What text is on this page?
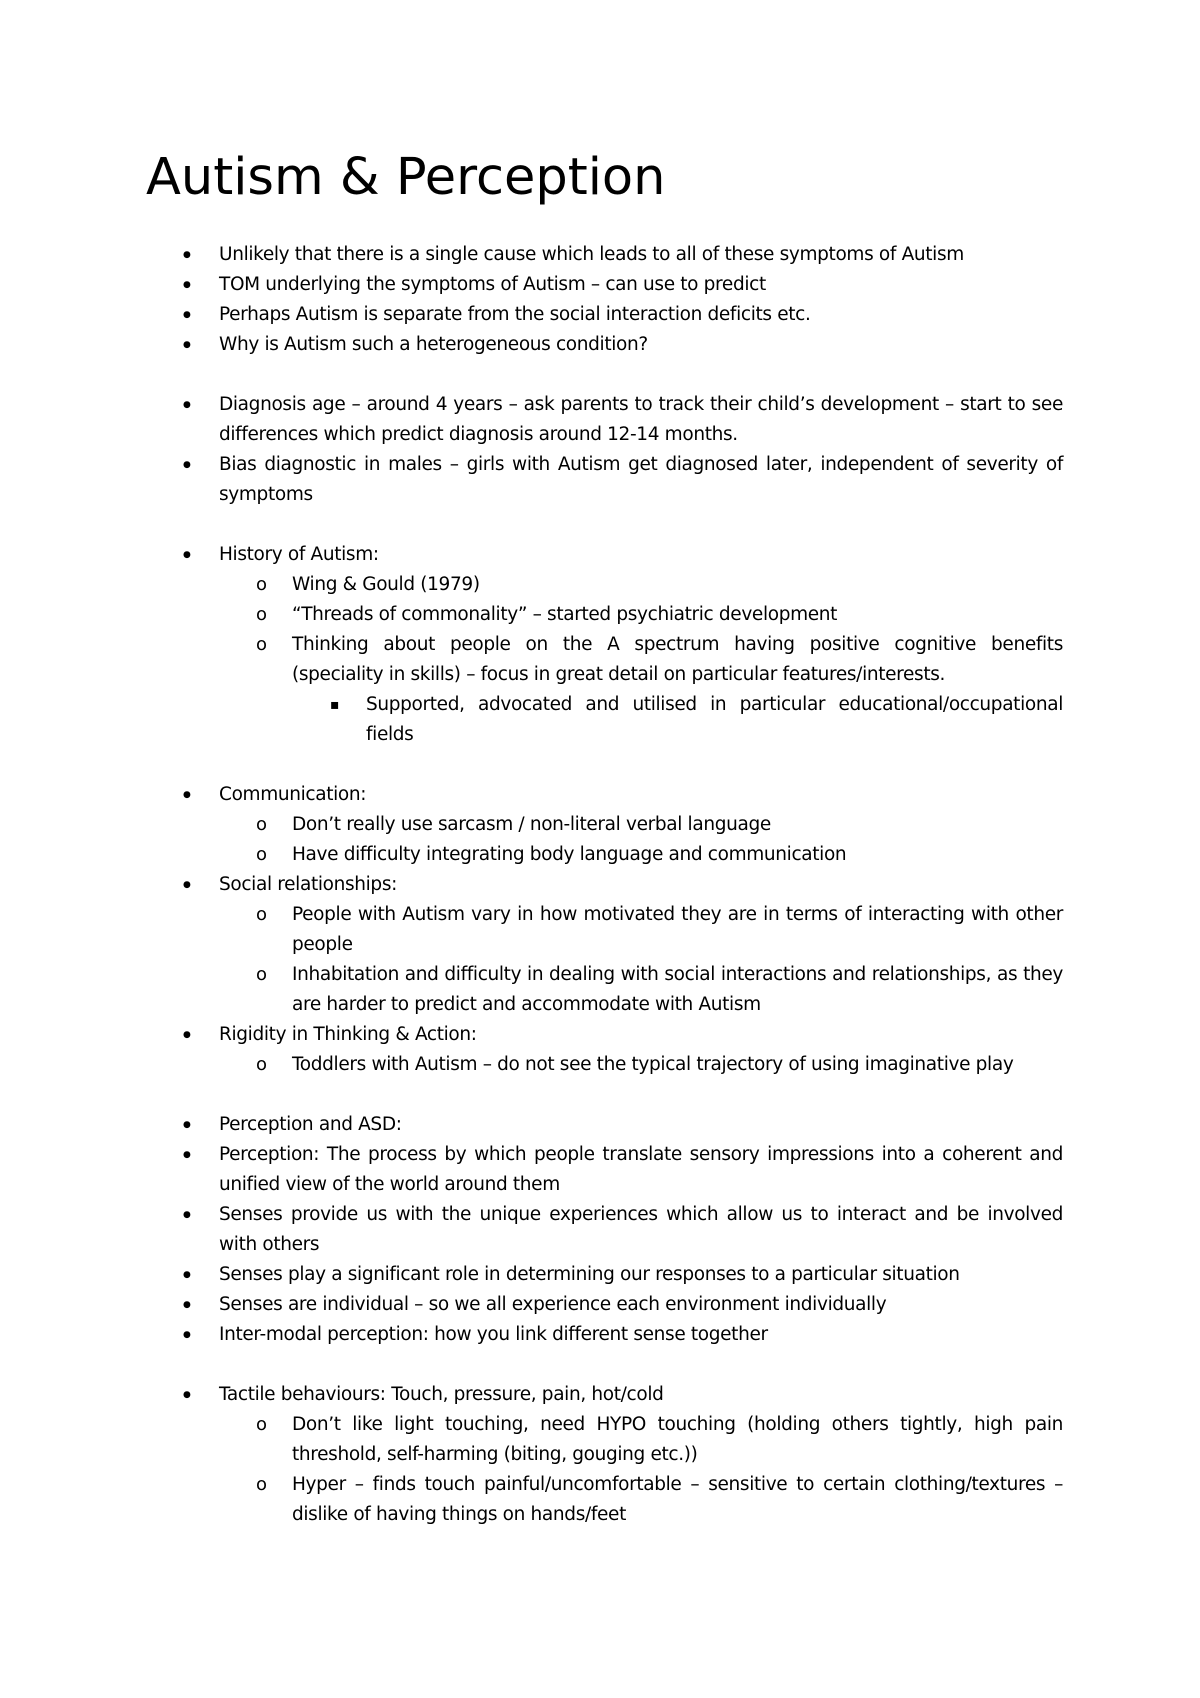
Autism & Perception
● Unlikely that there is a single cause which leads to all of these symptoms of Autism
● TOM underlying the symptoms of Autism – can use to predict
● Perhaps Autism is separate from the social interaction deficits etc.
● Why is Autism such a heterogeneous condition?
● Diagnosis age – around 4 years – ask parents to track their child’s development – start to see differences which predict diagnosis around 12-14 months.
● Bias diagnostic in males – girls with Autism get diagnosed later, independent of severity of symptoms
● History of Autism:
o Wing & Gould (1979)
o “Threads of commonality” – started psychiatric development
o Thinking about people on the A spectrum having positive cognitive benefits (speciality in skills) – focus in great detail on particular features/interests.
▪ Supported, advocated and utilised in particular educational/occupational fields
● Communication:
o Don’t really use sarcasm / non-literal verbal language
o Have difficulty integrating body language and communication
● Social relationships:
o People with Autism vary in how motivated they are in terms of interacting with other people
o Inhabitation and difficulty in dealing with social interactions and relationships, as they are harder to predict and accommodate with Autism
● Rigidity in Thinking & Action:
o Toddlers with Autism – do not see the typical trajectory of using imaginative play
● Perception and ASD:
● Perception: The process by which people translate sensory impressions into a coherent and unified view of the world around them
● Senses provide us with the unique experiences which allow us to interact and be involved with others
● Senses play a significant role in determining our responses to a particular situation
● Senses are individual – so we all experience each environment individually
● Inter-modal perception: how you link different sense together
● Tactile behaviours: Touch, pressure, pain, hot/cold
o Don’t like light touching, need HYPO touching (holding others tightly, high pain threshold, self-harming (biting, gouging etc.))
o Hyper – finds touch painful/uncomfortable – sensitive to certain clothing/textures – dislike of having things on hands/feet
